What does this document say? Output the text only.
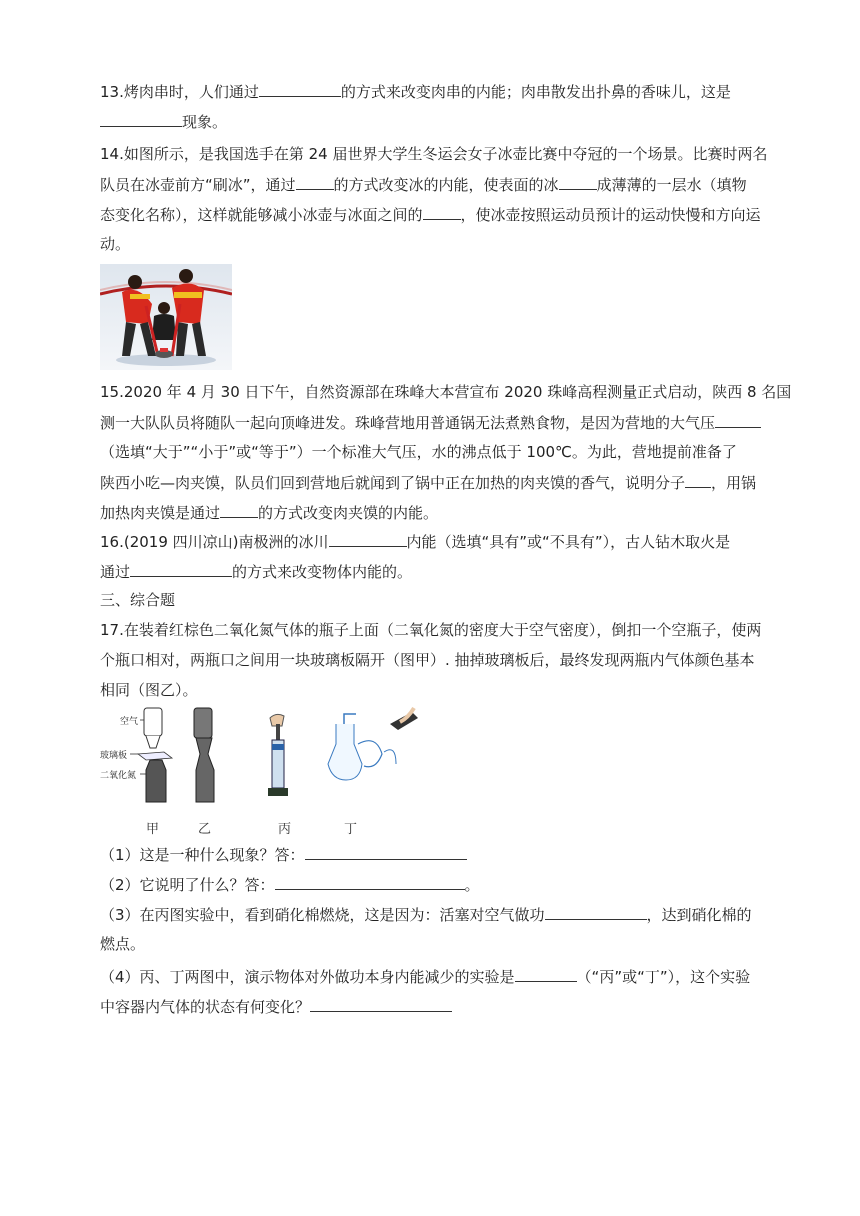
13.烤肉串时，人们通过	的方式来改变肉串的内能；肉串散发出扑鼻的香味儿，这是
现象。
14.如图所示，是我国选手在第 24 届世界大学生冬运会女子冰壶比赛中夺冠的一个场景。比赛时两名
队员在冰壶前方“刷冰”，通过	的方式改变冰的内能，使表面的冰	成薄薄的一层水（填物
态变化名称），这样就能够减小冰壶与冰面之间的	，使冰壶按照运动员预计的运动快慢和方向运
动。
15.2020 年 4 月 30 日下午，自然资源部在珠峰大本营宣布 2020 珠峰高程测量正式启动，陕西 8 名国
测一大队队员将随队一起向顶峰进发。珠峰营地用普通锅无法煮熟食物，是因为营地的大气压
（选填“大于”“小于”或“等于”）一个标准大气压，水的沸点低于 100℃。为此，营地提前准备了
陕西小吃—肉夹馍，队员们回到营地后就闻到了锅中正在加热的肉夹馍的香气，说明分子 ，用锅
加热肉夹馍是通过	的方式改变肉夹馍的内能。
16.(2019 四川凉山)南极洲的冰川	内能（选填“具有”或“不具有”），古人钻木取火是
通过	的方式来改变物体内能的。
三、综合题
17.在装着红棕色二氧化氮气体的瓶子上面（二氧化氮的密度大于空气密度），倒扣一个空瓶子，使两
个瓶口相对，两瓶口之间用一块玻璃板隔开（图甲）. 抽掉玻璃板后，最终发现两瓶内气体颜色基本
相同（图乙）。
空气
玻璃板
二氧化氮
甲	乙	丙	丁
（1）这是一种什么现象？答：
（2）它说明了什么？答：	。
（3）在丙图实验中，看到硝化棉燃烧，这是因为：活塞对空气做功	，达到硝化棉的
燃点。
（4）丙、丁两图中，演示物体对外做功本身内能减少的实验是	（“丙”或“丁”），这个实验
中容器内气体的状态有何变化？
